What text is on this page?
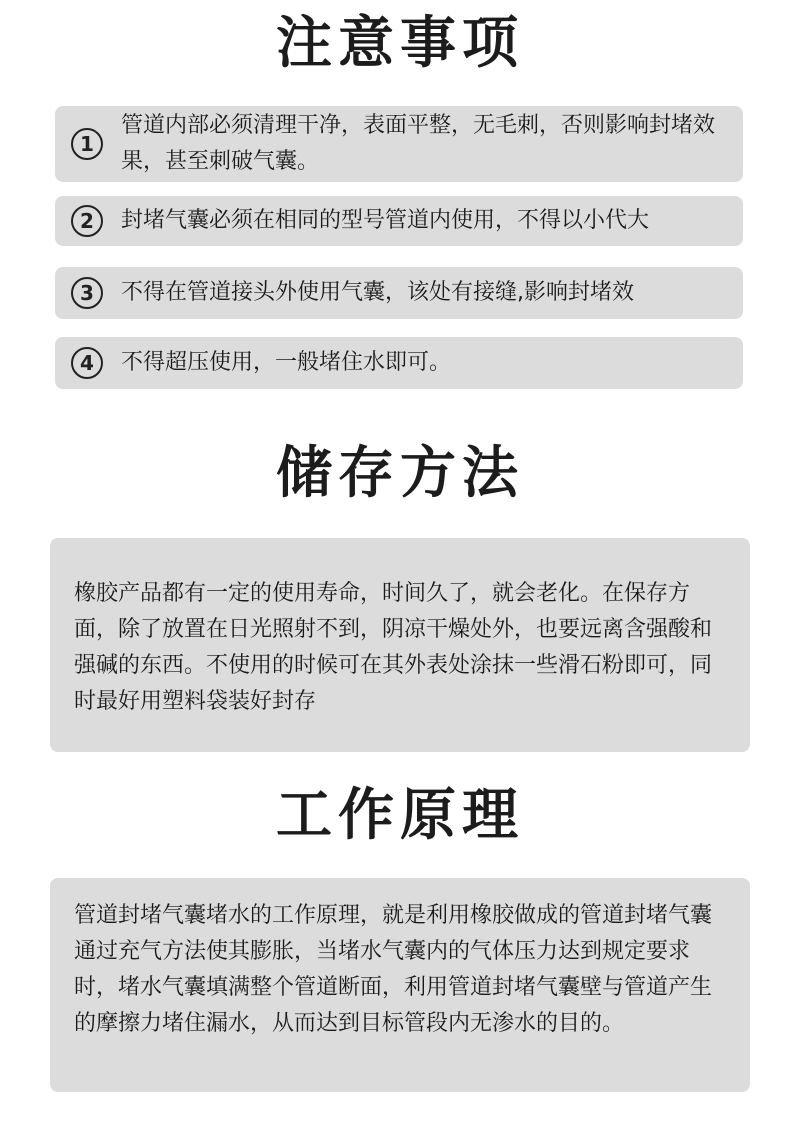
注意事项
1
管道内部必须清理干净，表面平整，无毛刺，否则影响封堵效果，甚至刺破气囊。
2	封堵气囊必须在相同的型号管道内使用，不得以小代大
3	不得在管道接头外使用气囊，该处有接缝,影响封堵效
4	不得超压使用，一般堵住水即可。
储存方法

橡胶产品都有一定的使用寿命，时间久了，就会老化。在保存方面，除了放置在日光照射不到，阴凉干燥处外，也要远离含强酸和强碱的东西。不使用的时候可在其外表处涂抹一些滑石粉即可，同时最好用塑料袋装好封存

工作原理

管道封堵气囊堵水的工作原理，就是利用橡胶做成的管道封堵气囊通过充气方法使其膨胀，当堵水气囊内的气体压力达到规定要求时，堵水气囊填满整个管道断面，利用管道封堵气囊壁与管道产生的摩擦力堵住漏水，从而达到目标管段内无渗水的目的。
